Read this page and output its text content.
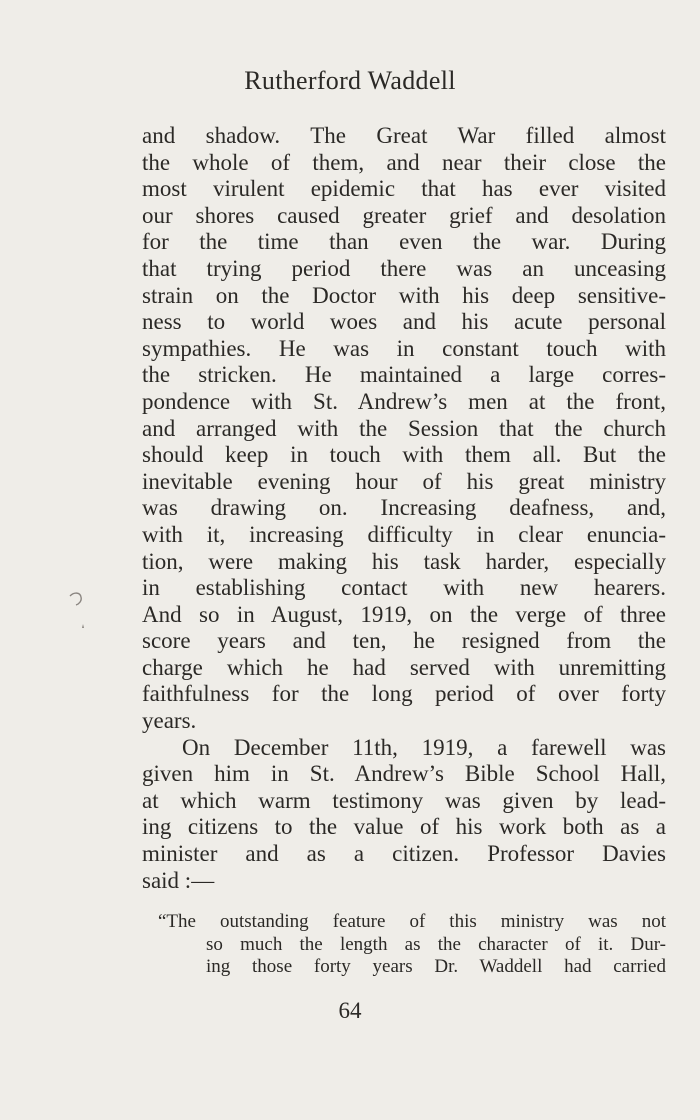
Rutherford Waddell
and shadow. The Great War filled almost
the whole of them, and near their close the
most virulent epidemic that has ever visited
our shores caused greater grief and desolation
for the time than even the war. During
that trying period there was an unceasing
strain on the Doctor with his deep sensitive-
ness to world woes and his acute personal
sympathies. He was in constant touch with
the stricken. He maintained a large corres-
pondence with St. Andrew’s men at the front,
and arranged with the Session that the church
should keep in touch with them all. But the
inevitable evening hour of his great ministry
was drawing on. Increasing deafness, and,
with it, increasing difficulty in clear enuncia-
tion, were making his task harder, especially
in establishing contact with new hearers.
And so in August, 1919, on the verge of three
score years and ten, he resigned from the
charge which he had served with unremitting
faithfulness for the long period of over forty
years.
On December 11th, 1919, a farewell was
given him in St. Andrew’s Bible School Hall,
at which warm testimony was given by lead-
ing citizens to the value of his work both as a
minister and as a citizen. Professor Davies
said :—
“The outstanding feature of this ministry was not
so much the length as the character of it. Dur-
ing those forty years Dr. Waddell had carried
64
